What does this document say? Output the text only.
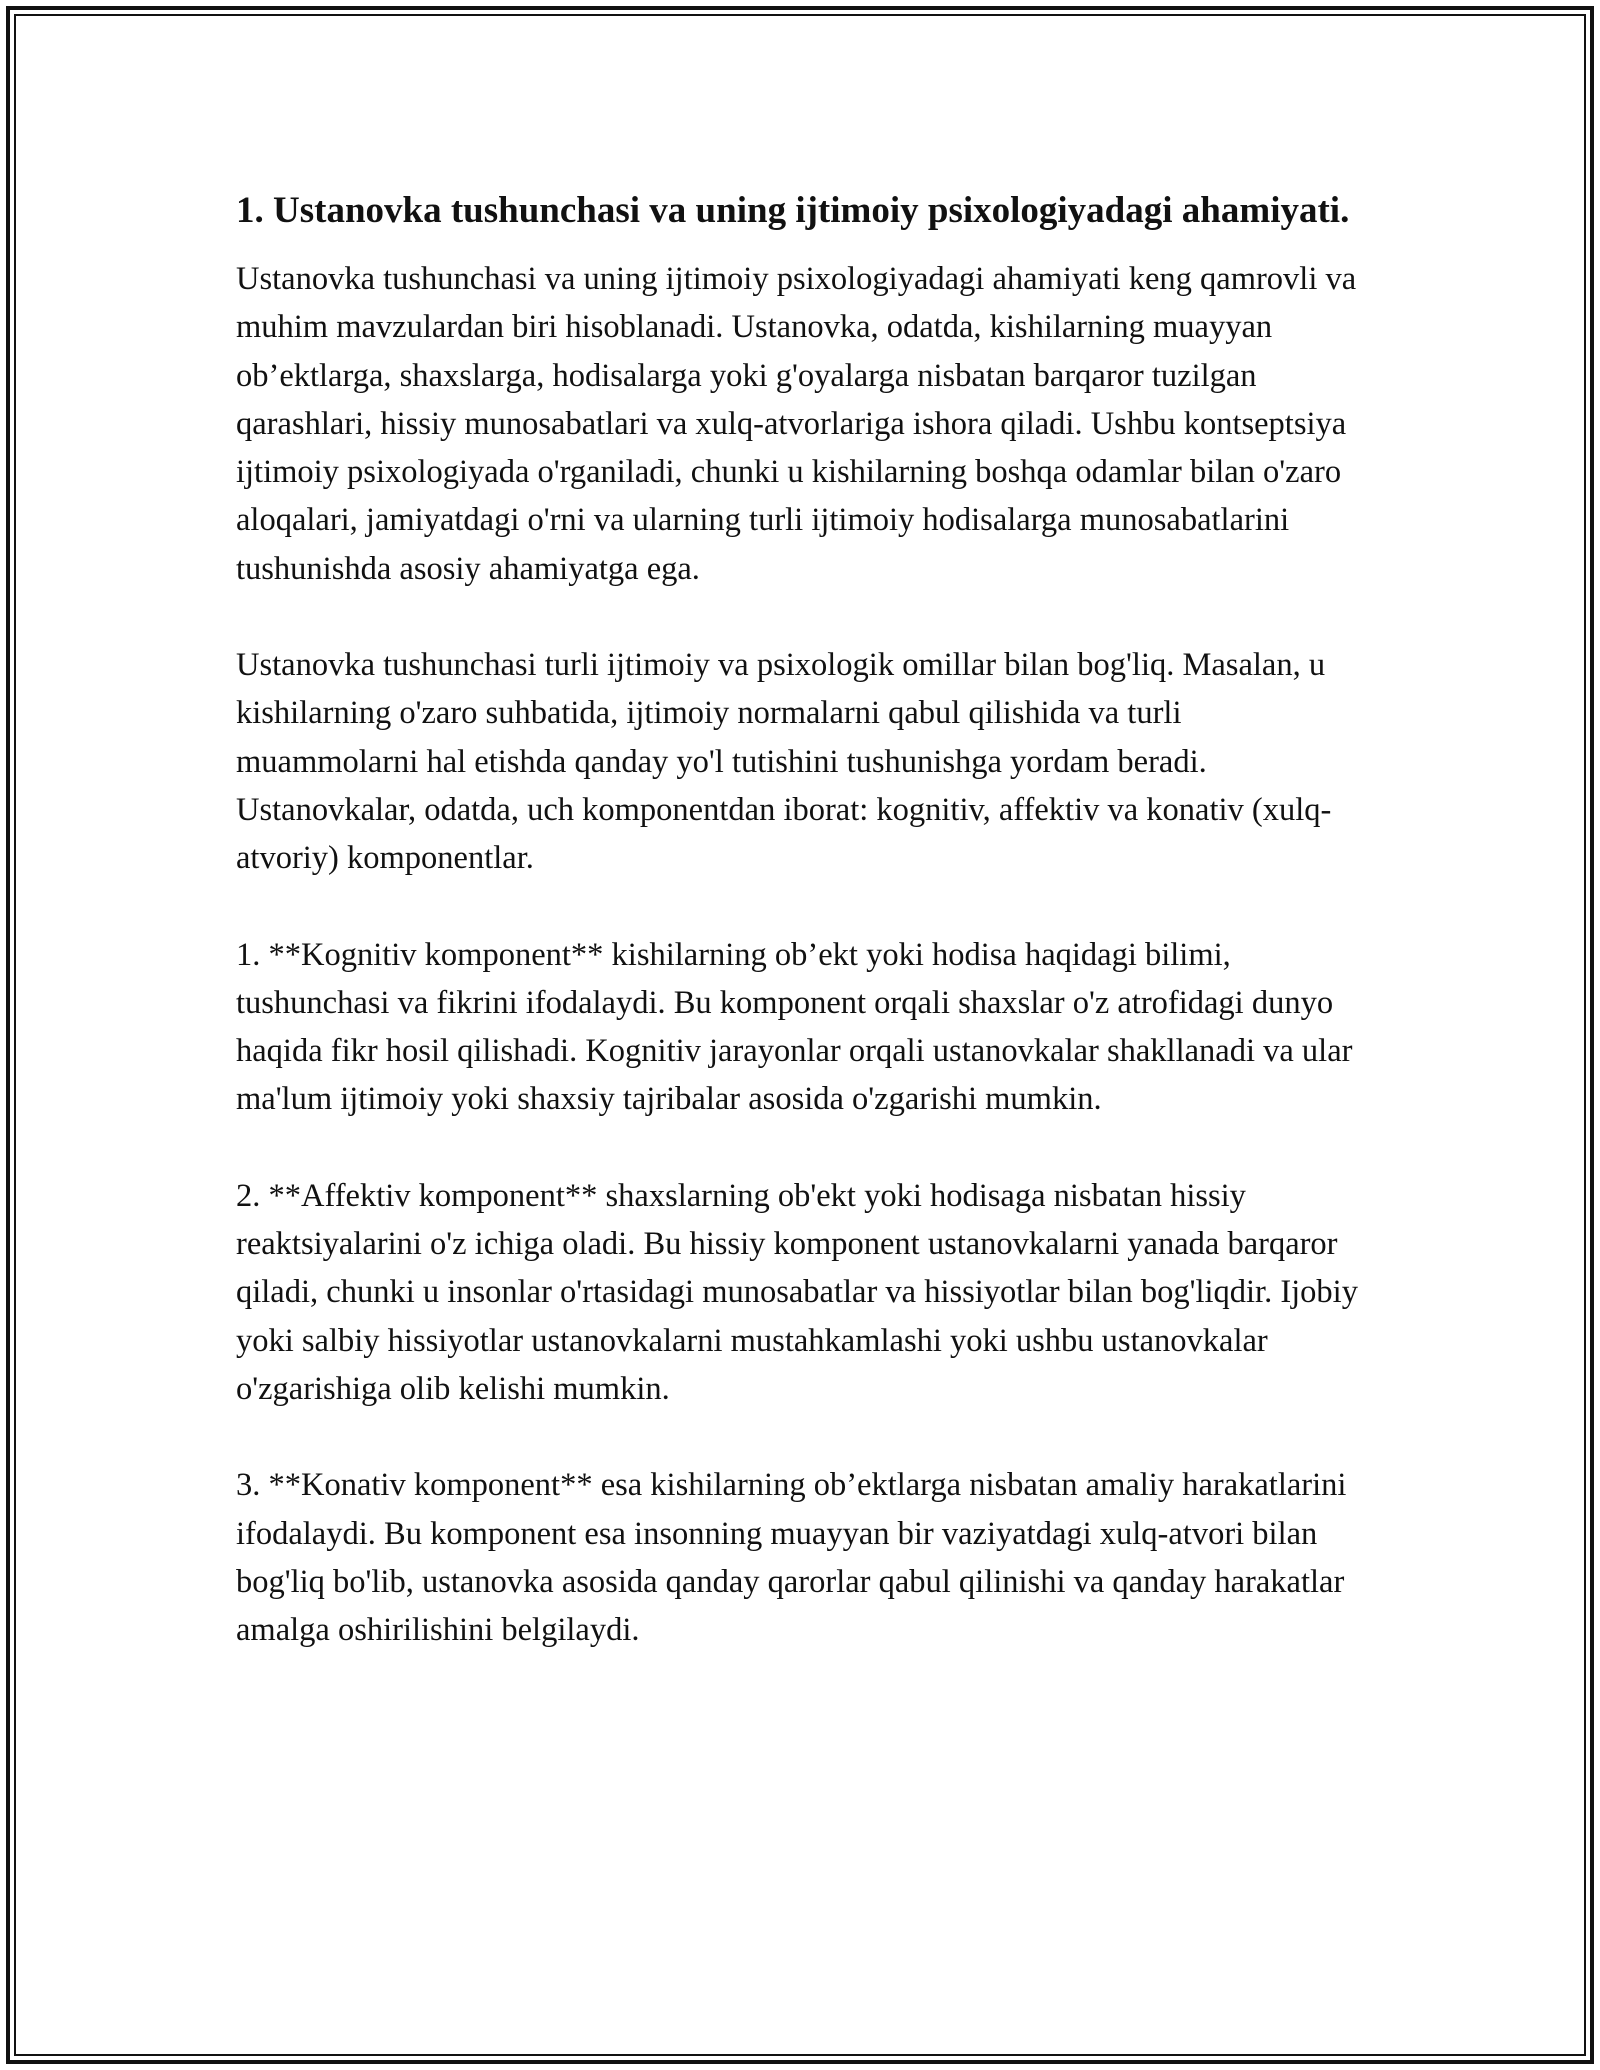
1. Ustanovka tushunchasi va uning ijtimoiy psixologiyadagi ahamiyati.

Ustanovka tushunchasi va uning ijtimoiy psixologiyadagi ahamiyati keng qamrovli va muhim mavzulardan biri hisoblanadi. Ustanovka, odatda, kishilarning muayyan ob’ektlarga, shaxslarga, hodisalarga yoki g'oyalarga nisbatan barqaror tuzilgan qarashlari, hissiy munosabatlari va xulq-atvorlariga ishora qiladi. Ushbu kontseptsiya ijtimoiy psixologiyada o'rganiladi, chunki u kishilarning boshqa odamlar bilan o'zaro aloqalari, jamiyatdagi o'rni va ularning turli ijtimoiy hodisalarga munosabatlarini tushunishda asosiy ahamiyatga ega.

Ustanovka tushunchasi turli ijtimoiy va psixologik omillar bilan bog'liq. Masalan, u kishilarning o'zaro suhbatida, ijtimoiy normalarni qabul qilishida va turli muammolarni hal etishda qanday yo'l tutishini tushunishga yordam beradi. Ustanovkalar, odatda, uch komponentdan iborat: kognitiv, affektiv va konativ (xulq-atvoriy) komponentlar.

1. **Kognitiv komponent** kishilarning ob’ekt yoki hodisa haqidagi bilimi, tushunchasi va fikrini ifodalaydi. Bu komponent orqali shaxslar o'z atrofidagi dunyo haqida fikr hosil qilishadi. Kognitiv jarayonlar orqali ustanovkalar shakllanadi va ular ma'lum ijtimoiy yoki shaxsiy tajribalar asosida o'zgarishi mumkin.

2. **Affektiv komponent** shaxslarning ob'ekt yoki hodisaga nisbatan hissiy reaktsiyalarini o'z ichiga oladi. Bu hissiy komponent ustanovkalarni yanada barqaror qiladi, chunki u insonlar o'rtasidagi munosabatlar va hissiyotlar bilan bog'liqdir. Ijobiy yoki salbiy hissiyotlar ustanovkalarni mustahkamlashi yoki ushbu ustanovkalar o'zgarishiga olib kelishi mumkin.

3. **Konativ komponent** esa kishilarning ob’ektlarga nisbatan amaliy harakatlarini ifodalaydi. Bu komponent esa insonning muayyan bir vaziyatdagi xulq-atvori bilan bog'liq bo'lib, ustanovka asosida qanday qarorlar qabul qilinishi va qanday harakatlar amalga oshirilishini belgilaydi.
